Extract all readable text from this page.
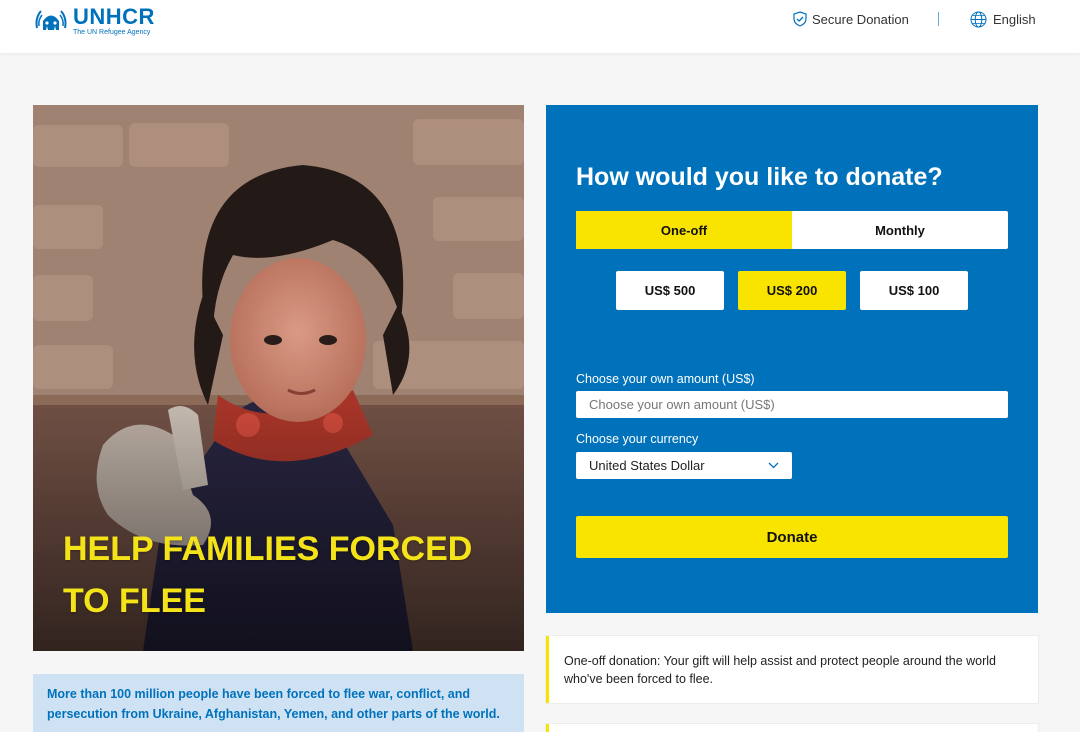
UNHCR
The UN Refugee Agency
Secure Donation	English
HELP FAMILIES FORCED TO FLEE
More than 100 million people have been forced to flee war, conflict, and persecution from Ukraine, Afghanistan, Yemen, and other parts of the world.
How would you like to donate?
One-off	Monthly
US$ 500	US$ 200	US$ 100
Choose your own amount (US$)
Choose your own amount (US$)
Choose your currency
United States Dollar
Donate
One-off donation: Your gift will help assist and protect people around the world who've been forced to flee.
